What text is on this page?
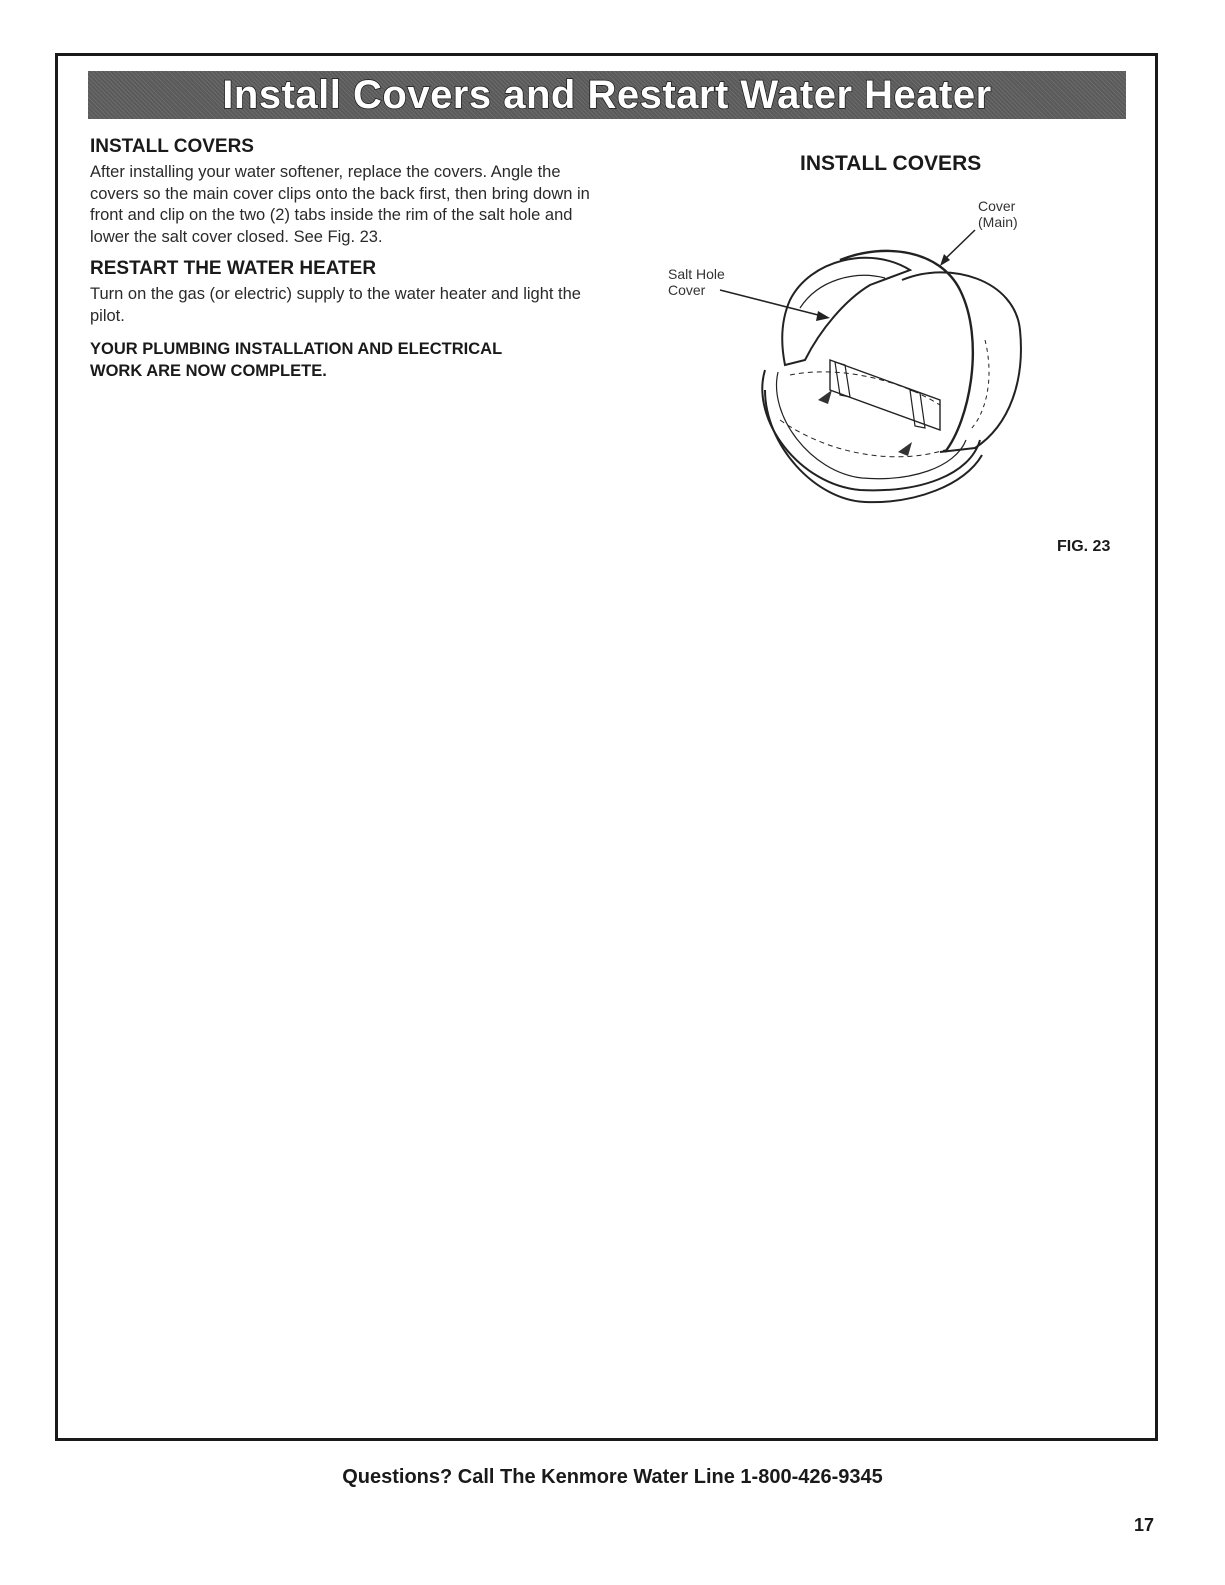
Install Covers and Restart Water Heater
INSTALL COVERS

After installing your water softener, replace the covers. Angle the covers so the main cover clips onto the back first, then bring down in front and clip on the two (2) tabs inside the rim of the salt hole and lower the salt cover closed. See Fig. 23.

RESTART THE WATER HEATER

Turn on the gas (or electric) supply to the water heater and light the pilot.

YOUR PLUMBING INSTALLATION AND ELECTRICAL
WORK ARE NOW COMPLETE.
INSTALL COVERS
Cover
(Main)
Salt Hole
Cover
FIG. 23
Questions? Call The Kenmore Water Line 1-800-426-9345
17
